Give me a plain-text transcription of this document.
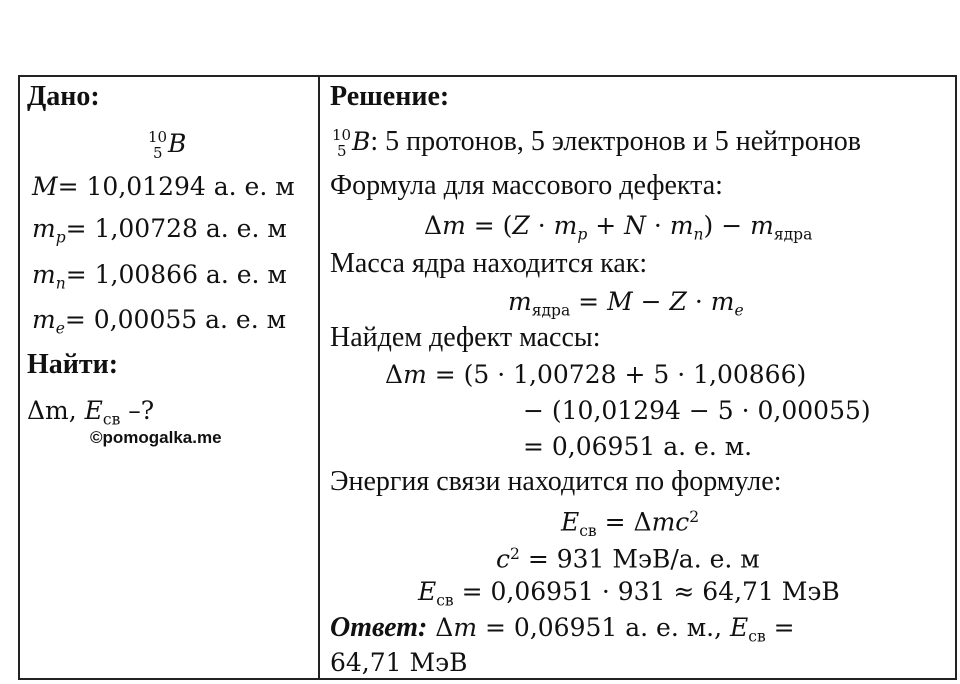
Дано:
10
5 B
M= 10,01294 а. е. м
$m_p= 1,00728$ а. е. м
$m_n= 1,00866$ а. е. м
$m_e= 0,00055$ а. е. м
Найти:
Δm, $E_{св}$ –?
©pomogalka.me
Решение:
10
5 B: 5 протонов, 5 электронов и 5 нейтронов
Формула для массового дефекта:
$\Delta m = (Z \cdot m_p + N \cdot m_n) - m_{ядра}$
Масса ядра находится как:
$m_{ядра} = M - Z \cdot m_e$
Найдем дефект массы:
Δm = (5 · 1,00728 + 5 · 1,00866)
− (10,01294 − 5 · 0,00055)
= 0,06951 а. е. м.
Энергия связи находится по формуле:
$E_{св} = \Delta mc^2$
$c^2 = 931$ МэВ/а. е. м
$E_{св} = 0,06951 \cdot 931 \approx 64,71$ МэВ
Ответ: Δm = 0,06951 а. е. м., $E_{св}$ =
64,71 МэВ
